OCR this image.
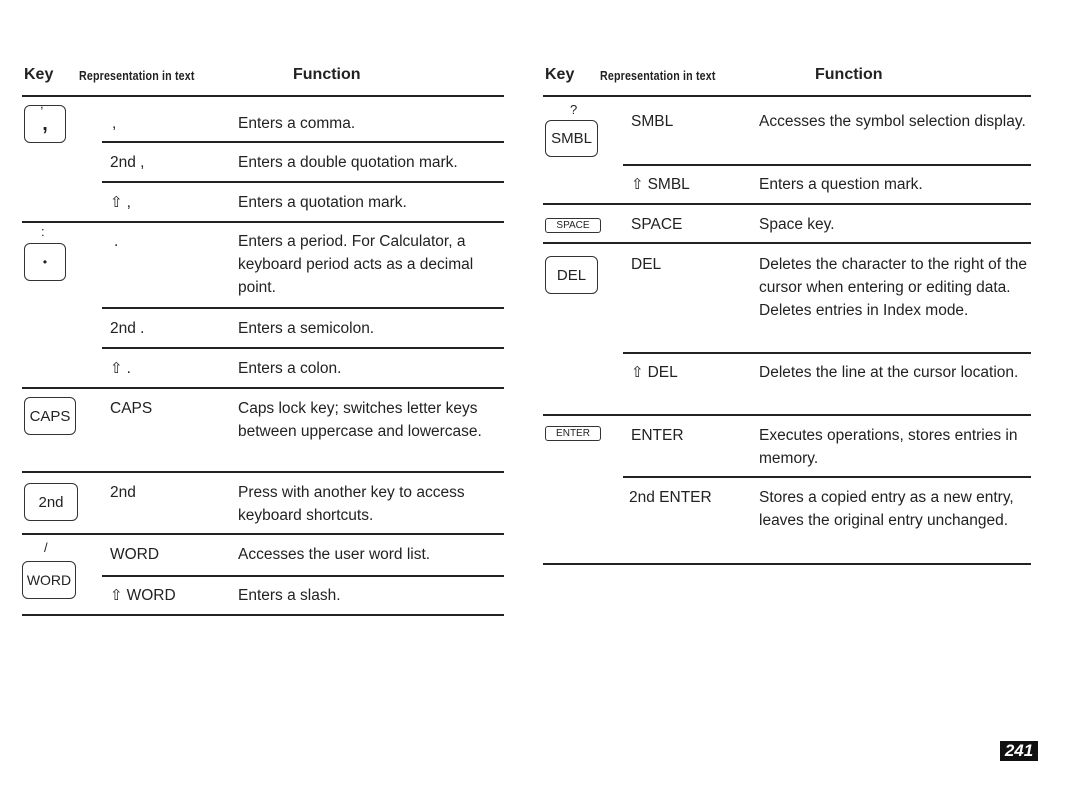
Key Representation in text	Function
,
,	,	Enters a comma.
2nd ,	Enters a double quotation mark.
⇧ ,	Enters a quotation mark.
:
•
.	Enters a period. For Calculator, a keyboard period acts as a decimal point.
2nd .	Enters a semicolon.
⇧ .	Enters a colon.
CAPS	CAPS	Caps lock key; switches letter keys between uppercase and lowercase.
2nd
2nd	Press with another key to access keyboard shortcuts.
/
WORD
WORD	Accesses the user word list.
⇧ WORD	Enters a slash.
Key Representation in text	Function
?
SMBL
SMBL	Accesses the symbol selection display.
⇧ SMBL	Enters a question mark.
SPACE	SPACE	Space key.
DEL
DEL	Deletes the character to the right of the cursor when entering or editing data. Deletes entries in Index mode.
⇧ DEL	Deletes the line at the cursor location.
ENTER	ENTER	Executes operations, stores entries in memory.
2nd ENTER	Stores a copied entry as a new entry, leaves the original entry unchanged.
241
